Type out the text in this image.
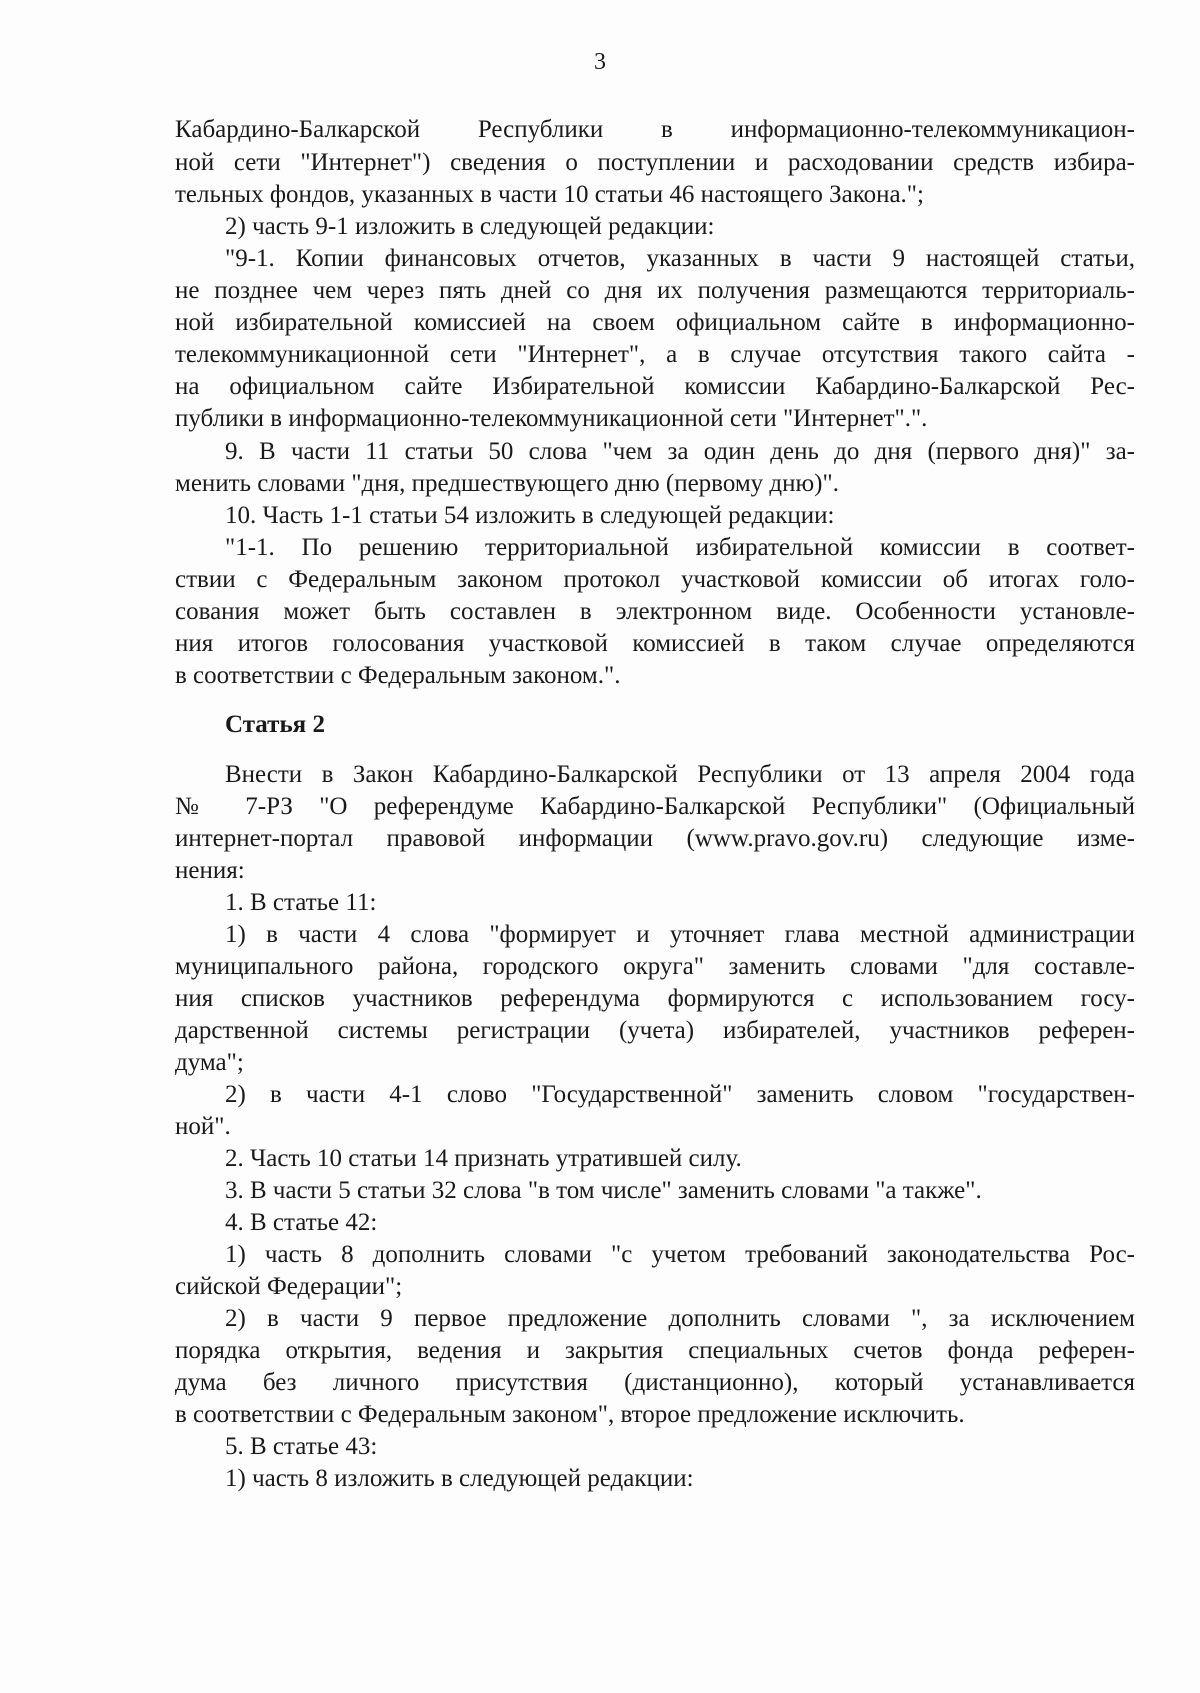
3
Кабардино-Балкарской Республики в информационно-телекоммуникацион-
ной сети "Интернет") сведения о поступлении и расходовании средств избира-
тельных фондов, указанных в части 10 статьи 46 настоящего Закона.";
2) часть 9-1 изложить в следующей редакции:
"9-1. Копии финансовых отчетов, указанных в части 9 настоящей статьи,
не позднее чем через пять дней со дня их получения размещаются территориаль-
ной избирательной комиссией на своем официальном сайте в информационно-
телекоммуникационной сети "Интернет", а в случае отсутствия такого сайта -
на официальном сайте Избирательной комиссии Кабардино-Балкарской Рес-
публики в информационно-телекоммуникационной сети "Интернет".".
9. В части 11 статьи 50 слова "чем за один день до дня (первого дня)" за-
менить словами "дня, предшествующего дню (первому дню)".
10. Часть 1-1 статьи 54 изложить в следующей редакции:
"1-1. По решению территориальной избирательной комиссии в соответ-
ствии с Федеральным законом протокол участковой комиссии об итогах голо-
сования может быть составлен в электронном виде. Особенности установле-
ния итогов голосования участковой комиссией в таком случае определяются
в соответствии с Федеральным законом.".
Статья 2
Внести в Закон Кабардино-Балкарской Республики от 13 апреля 2004 года
№ 7-РЗ "О референдуме Кабардино-Балкарской Республики" (Официальный
интернет-портал правовой информации (www.pravo.gov.ru) следующие изме-
нения:
1. В статье 11:
1) в части 4 слова "формирует и уточняет глава местной администрации
муниципального района, городского округа" заменить словами "для составле-
ния списков участников референдума формируются с использованием госу-
дарственной системы регистрации (учета) избирателей, участников референ-
дума";
2) в части 4-1 слово "Государственной" заменить словом "государствен-
ной".
2. Часть 10 статьи 14 признать утратившей силу.
3. В части 5 статьи 32 слова "в том числе" заменить словами "а также".
4. В статье 42:
1) часть 8 дополнить словами "с учетом требований законодательства Рос-
сийской Федерации";
2) в части 9 первое предложение дополнить словами ", за исключением
порядка открытия, ведения и закрытия специальных счетов фонда референ-
дума без личного присутствия (дистанционно), который устанавливается
в соответствии с Федеральным законом", второе предложение исключить.
5. В статье 43:
1) часть 8 изложить в следующей редакции:
